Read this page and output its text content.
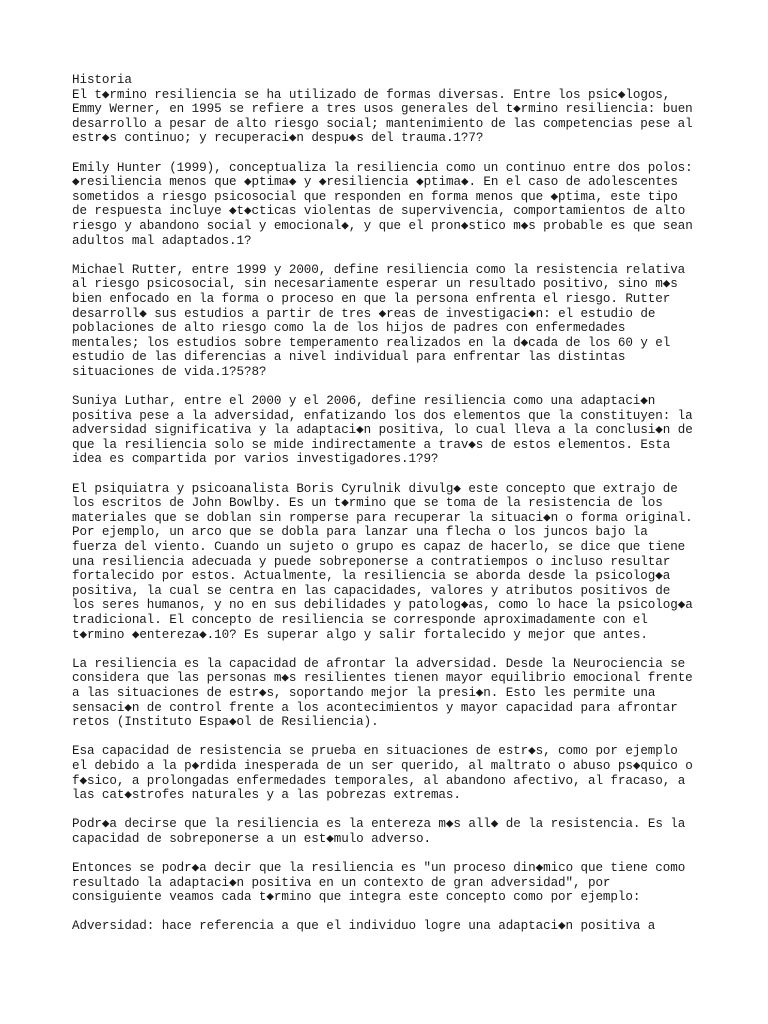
Historia

El t◆rmino resiliencia se ha utilizado de formas diversas. Entre los psic◆logos,
Emmy Werner, en 1995 se refiere a tres usos generales del t◆rmino resiliencia: buen
desarrollo a pesar de alto riesgo social; mantenimiento de las competencias pese al
estr◆s continuo; y recuperaci◆n despu◆s del trauma.1?7?

Emily Hunter (1999), conceptualiza la resiliencia como un continuo entre dos polos:
◆resiliencia menos que ◆ptima◆ y ◆resiliencia ◆ptima◆. En el caso de adolescentes
sometidos a riesgo psicosocial que responden en forma menos que ◆ptima, este tipo
de respuesta incluye ◆t◆cticas violentas de supervivencia, comportamientos de alto
riesgo y abandono social y emocional◆, y que el pron◆stico m◆s probable es que sean
adultos mal adaptados.1?

Michael Rutter, entre 1999 y 2000, define resiliencia como la resistencia relativa
al riesgo psicosocial, sin necesariamente esperar un resultado positivo, sino m◆s
bien enfocado en la forma o proceso en que la persona enfrenta el riesgo. Rutter
desarroll◆ sus estudios a partir de tres ◆reas de investigaci◆n: el estudio de
poblaciones de alto riesgo como la de los hijos de padres con enfermedades
mentales; los estudios sobre temperamento realizados en la d◆cada de los 60 y el
estudio de las diferencias a nivel individual para enfrentar las distintas
situaciones de vida.1?5?8?

Suniya Luthar, entre el 2000 y el 2006, define resiliencia como una adaptaci◆n
positiva pese a la adversidad, enfatizando los dos elementos que la constituyen: la
adversidad significativa y la adaptaci◆n positiva, lo cual lleva a la conclusi◆n de
que la resiliencia solo se mide indirectamente a trav◆s de estos elementos. Esta
idea es compartida por varios investigadores.1?9?

El psiquiatra y psicoanalista Boris Cyrulnik divulg◆ este concepto que extrajo de
los escritos de John Bowlby. Es un t◆rmino que se toma de la resistencia de los
materiales que se doblan sin romperse para recuperar la situaci◆n o forma original.
Por ejemplo, un arco que se dobla para lanzar una flecha o los juncos bajo la
fuerza del viento. Cuando un sujeto o grupo es capaz de hacerlo, se dice que tiene
una resiliencia adecuada y puede sobreponerse a contratiempos o incluso resultar
fortalecido por estos. Actualmente, la resiliencia se aborda desde la psicolog◆a
positiva, la cual se centra en las capacidades, valores y atributos positivos de
los seres humanos, y no en sus debilidades y patolog◆as, como lo hace la psicolog◆a
tradicional. El concepto de resiliencia se corresponde aproximadamente con el
t◆rmino ◆entereza◆.10? Es superar algo y salir fortalecido y mejor que antes.

La resiliencia es la capacidad de afrontar la adversidad. Desde la Neurociencia se
considera que las personas m◆s resilientes tienen mayor equilibrio emocional frente
a las situaciones de estr◆s, soportando mejor la presi◆n. Esto les permite una
sensaci◆n de control frente a los acontecimientos y mayor capacidad para afrontar
retos (Instituto Espa◆ol de Resiliencia).

Esa capacidad de resistencia se prueba en situaciones de estr◆s, como por ejemplo
el debido a la p◆rdida inesperada de un ser querido, al maltrato o abuso ps◆quico o
f◆sico, a prolongadas enfermedades temporales, al abandono afectivo, al fracaso, a
las cat◆strofes naturales y a las pobrezas extremas.

Podr◆a decirse que la resiliencia es la entereza m◆s all◆ de la resistencia. Es la
capacidad de sobreponerse a un est◆mulo adverso.

Entonces se podr◆a decir que la resiliencia es "un proceso din◆mico que tiene como
resultado la adaptaci◆n positiva en un contexto de gran adversidad", por
consiguiente veamos cada t◆rmino que integra este concepto como por ejemplo:

Adversidad: hace referencia a que el individuo logre una adaptaci◆n positiva a
